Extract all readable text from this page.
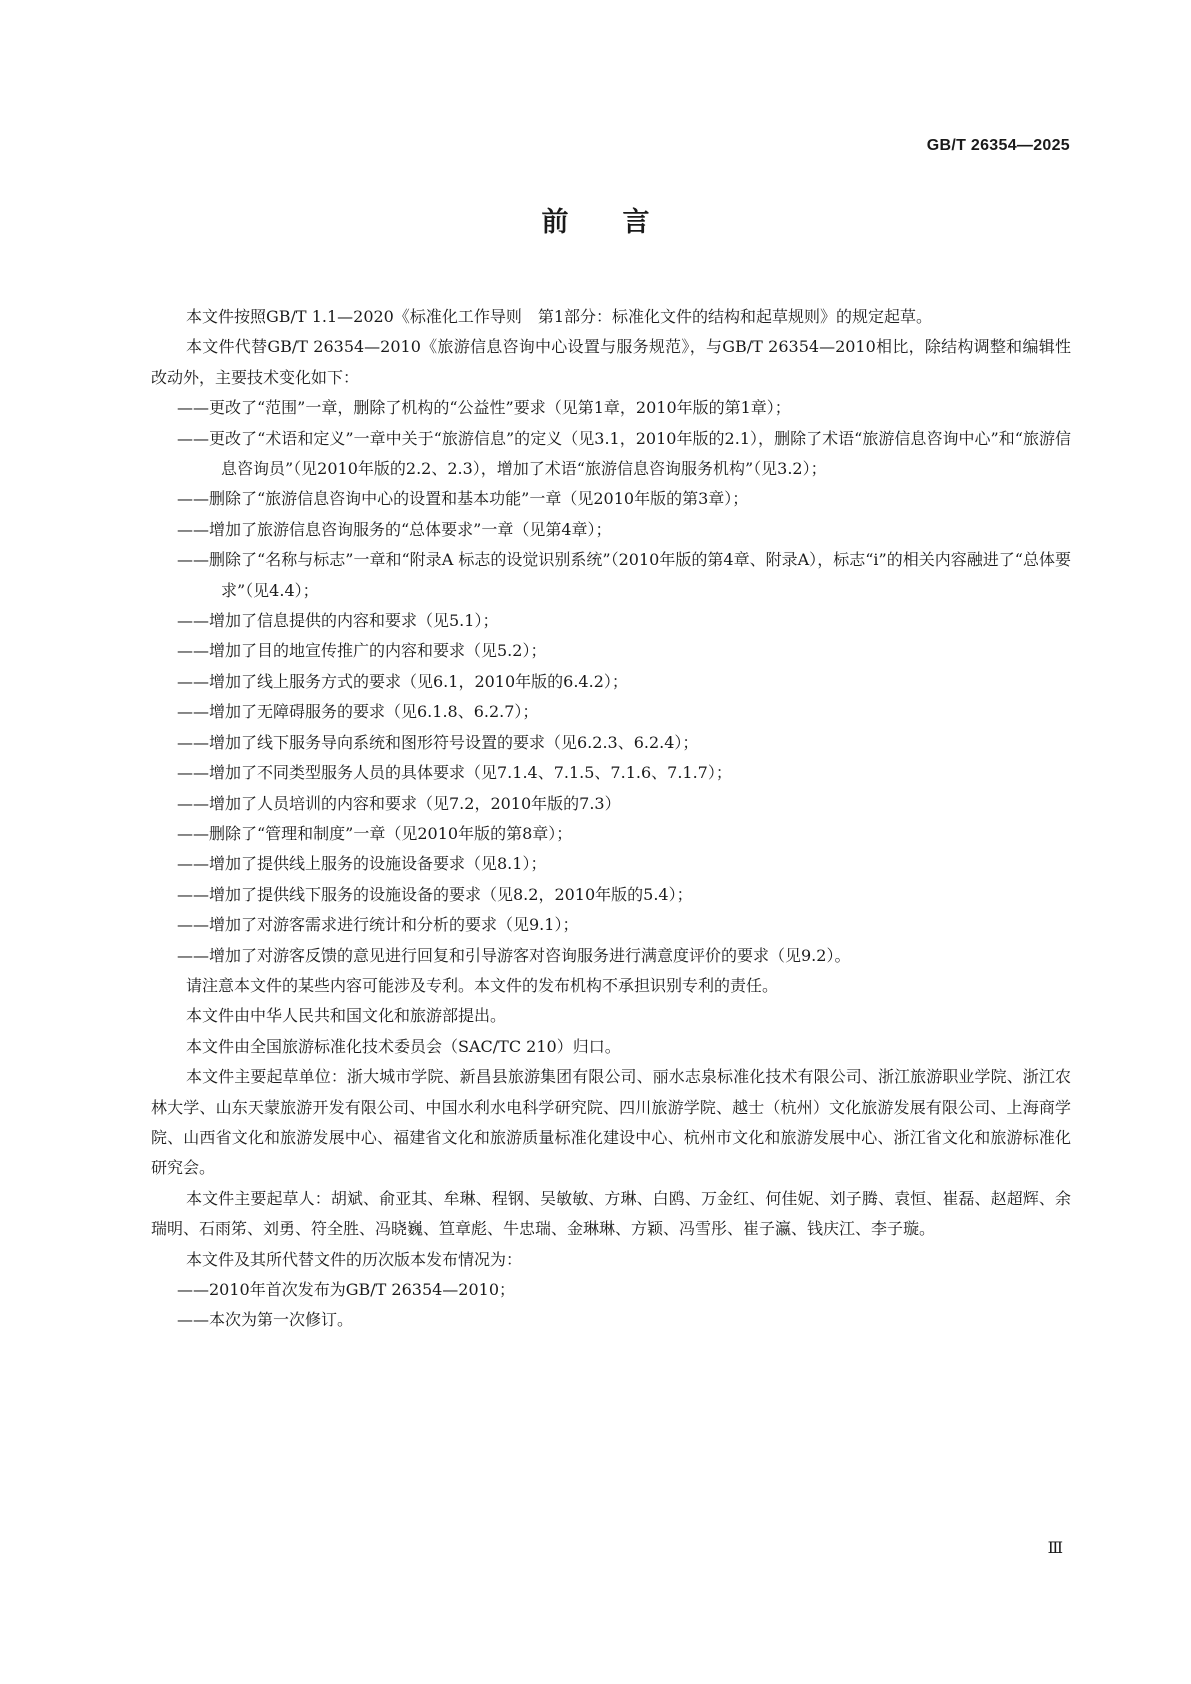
GB/T 26354—2025
前 言

本文件按照GB/T 1.1—2020《标准化工作导则　第1部分：标准化文件的结构和起草规则》的规定起草。

本文件代替GB/T 26354—2010《旅游信息咨询中心设置与服务规范》，与GB/T 26354—2010相比，除结构调整和编辑性改动外，主要技术变化如下：

——更改了“范围”一章，删除了机构的“公益性”要求（见第1章，2010年版的第1章）；

——更改了“术语和定义”一章中关于“旅游信息”的定义（见3.1，2010年版的2.1），删除了术语“旅游信息咨询中心”和“旅游信息咨询员”（见2010年版的2.2、2.3），增加了术语“旅游信息咨询服务机构”（见3.2）；

——删除了“旅游信息咨询中心的设置和基本功能”一章（见2010年版的第3章）；

——增加了旅游信息咨询服务的“总体要求”一章（见第4章）；

——删除了“名称与标志”一章和“附录A 标志的设觉识别系统”（2010年版的第4章、附录A），标志“i”的相关内容融进了“总体要求”（见4.4）；

——增加了信息提供的内容和要求（见5.1）；

——增加了目的地宣传推广的内容和要求（见5.2）；

——增加了线上服务方式的要求（见6.1，2010年版的6.4.2）；

——增加了无障碍服务的要求（见6.1.8、6.2.7）；

——增加了线下服务导向系统和图形符号设置的要求（见6.2.3、6.2.4）；

——增加了不同类型服务人员的具体要求（见7.1.4、7.1.5、7.1.6、7.1.7）；

——增加了人员培训的内容和要求（见7.2，2010年版的7.3）

——删除了“管理和制度”一章（见2010年版的第8章）；

——增加了提供线上服务的设施设备要求（见8.1）；

——增加了提供线下服务的设施设备的要求（见8.2，2010年版的5.4）；

——增加了对游客需求进行统计和分析的要求（见9.1）；

——增加了对游客反馈的意见进行回复和引导游客对咨询服务进行满意度评价的要求（见9.2）。

请注意本文件的某些内容可能涉及专利。本文件的发布机构不承担识别专利的责任。

本文件由中华人民共和国文化和旅游部提出。

本文件由全国旅游标准化技术委员会（SAC/TC 210）归口。

本文件主要起草单位：浙大城市学院、新昌县旅游集团有限公司、丽水志泉标准化技术有限公司、浙江旅游职业学院、浙江农林大学、山东天蒙旅游开发有限公司、中国水利水电科学研究院、四川旅游学院、越士（杭州）文化旅游发展有限公司、上海商学院、山西省文化和旅游发展中心、福建省文化和旅游质量标准化建设中心、杭州市文化和旅游发展中心、浙江省文化和旅游标准化研究会。

本文件主要起草人：胡斌、俞亚其、牟琳、程钢、吴敏敏、方琳、白鸥、万金红、何佳妮、刘子腾、袁恒、崔磊、赵超辉、余瑞明、石雨笫、刘勇、符全胜、冯晓巍、笪章彪、牛忠瑞、金琳琳、方颖、冯雪彤、崔子瀛、钱庆江、李子璇。

本文件及其所代替文件的历次版本发布情况为：

——2010年首次发布为GB/T 26354—2010；

——本次为第一次修订。

Ⅲ
